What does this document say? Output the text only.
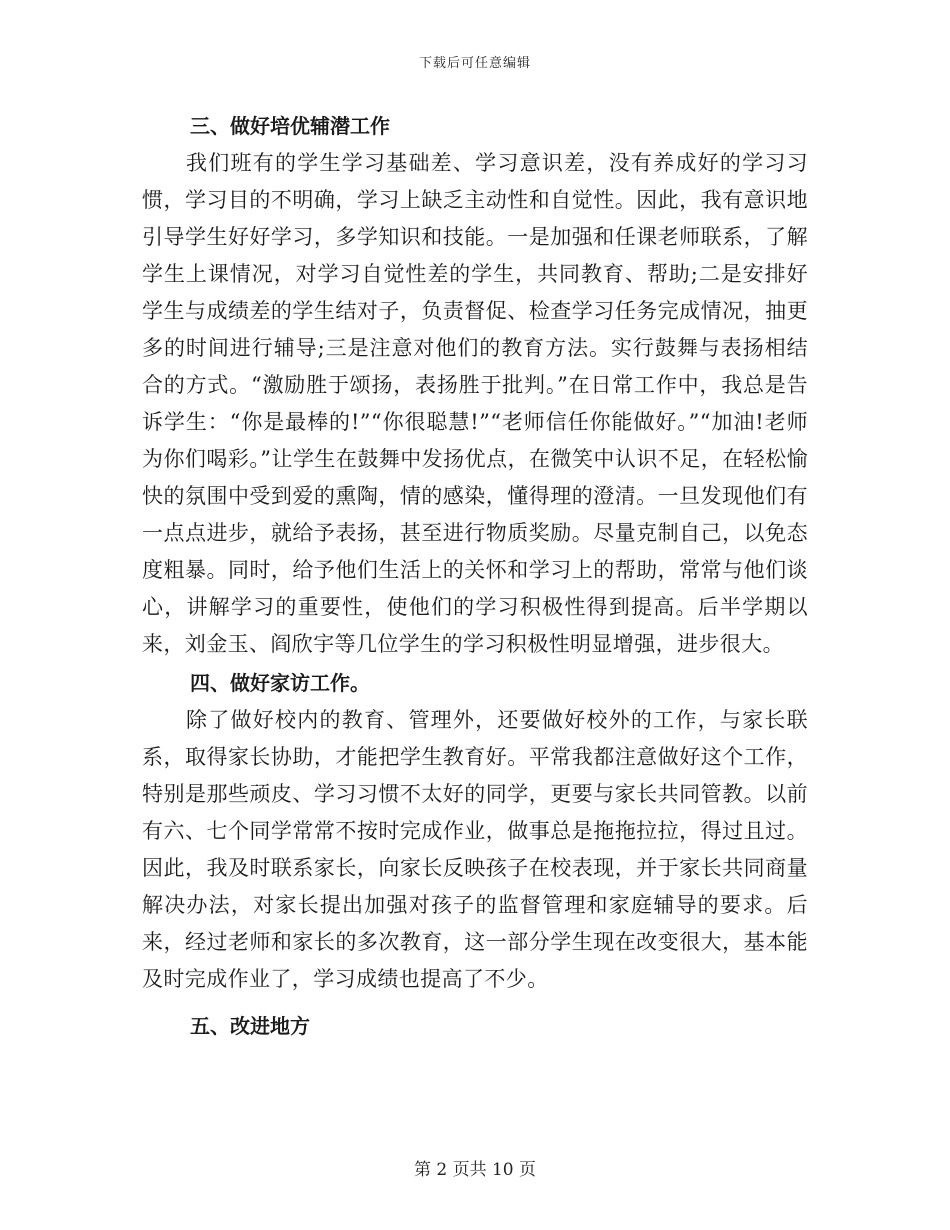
下载后可任意编辑
三、做好培优辅潜工作

我们班有的学生学习基础差、学习意识差，没有养成好的学习习惯，学习目的不明确，学习上缺乏主动性和自觉性。因此，我有意识地引导学生好好学习，多学知识和技能。一是加强和任课老师联系，了解学生上课情况，对学习自觉性差的学生，共同教育、帮助;二是安排好学生与成绩差的学生结对子，负责督促、检查学习任务完成情况，抽更多的时间进行辅导;三是注意对他们的教育方法。实行鼓舞与表扬相结合的方式。“激励胜于颂扬，表扬胜于批判。”在日常工作中，我总是告诉学生：“你是最棒的!”“你很聪慧!”“老师信任你能做好。”“加油!老师为你们喝彩。”让学生在鼓舞中发扬优点，在微笑中认识不足，在轻松愉快的氛围中受到爱的熏陶，情的感染，懂得理的澄清。一旦发现他们有一点点进步，就给予表扬，甚至进行物质奖励。尽量克制自己，以免态度粗暴。同时，给予他们生活上的关怀和学习上的帮助，常常与他们谈心，讲解学习的重要性，使他们的学习积极性得到提高。后半学期以来，刘金玉、阎欣宇等几位学生的学习积极性明显增强，进步很大。

四、做好家访工作。

除了做好校内的教育、管理外，还要做好校外的工作，与家长联系，取得家长协助，才能把学生教育好。平常我都注意做好这个工作，特别是那些顽皮、学习习惯不太好的同学，更要与家长共同管教。以前有六、七个同学常常不按时完成作业，做事总是拖拖拉拉，得过且过。因此，我及时联系家长，向家长反映孩子在校表现，并于家长共同商量解决办法，对家长提出加强对孩子的监督管理和家庭辅导的要求。后来，经过老师和家长的多次教育，这一部分学生现在改变很大，基本能及时完成作业了，学习成绩也提高了不少。

五、改进地方
第 2 页共 10 页
